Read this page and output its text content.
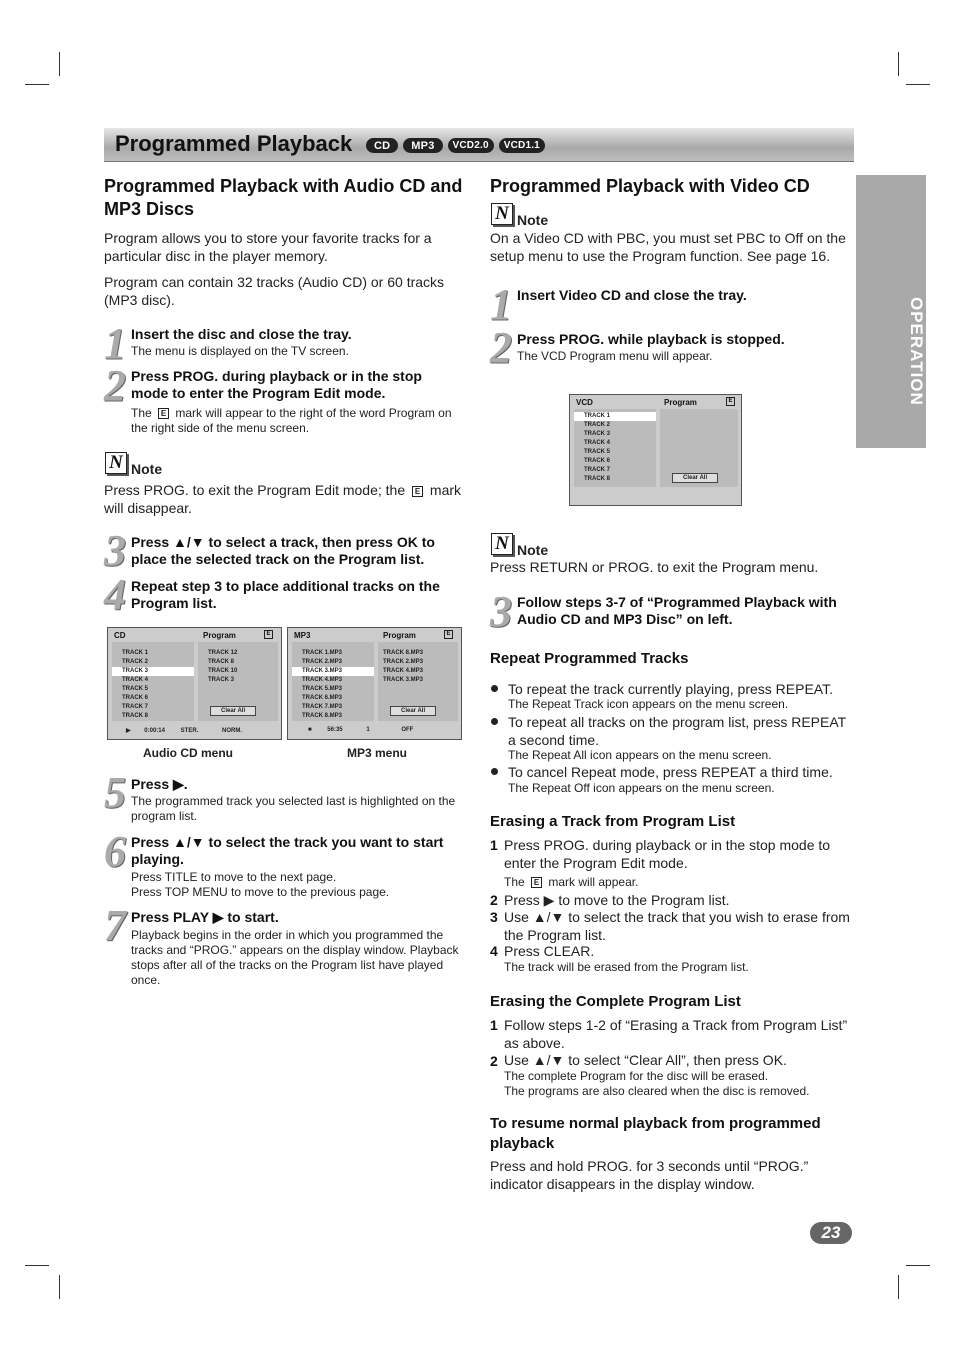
Programmed Playback	CD	MP3	VCD2.0	VCD1.1
OPERATION
Programmed Playback with Audio CD and MP3 Discs
Program allows you to store your favorite tracks for a particular disc in the player memory.
Program can contain 32 tracks (Audio CD) or 60 tracks (MP3 disc).
1 Insert the disc and close the tray.
The menu is displayed on the TV screen.
2 Press PROG. during playback or in the stop mode to enter the Program Edit mode.
The E mark will appear to the right of the word Program on the right side of the menu screen.
N Note
Press PROG. to exit the Program Edit mode; the E mark will disappear.
3 Press ▲/▼ to select a track, then press OK to place the selected track on the Program list.
4 Repeat step 3 to place additional tracks on the Program list.
CD	Program	E
TRACK 1
TRACK 2
TRACK 3
TRACK 4
TRACK 5
TRACK 6
TRACK 7
TRACK 8
TRACK 12
TRACK 8
TRACK 10
TRACK 3
Clear All
▶ 0:00:14	STER.	NORM.
MP3	Program	E
TRACK 1.MP3
TRACK 2.MP3
TRACK 3.MP3
TRACK 4.MP3
TRACK 5.MP3
TRACK 6.MP3
TRACK 7.MP3
TRACK 8.MP3
TRACK 8.MP3
TRACK 2.MP3
TRACK 4.MP3
TRACK 3.MP3
Clear All
■	56:35	1	OFF
Audio CD menu	MP3 menu
5 Press ▶.
The programmed track you selected last is highlighted on the program list.
6 Press ▲/▼ to select the track you want to start playing.
Press TITLE to move to the next page.
Press TOP MENU to move to the previous page.
7 Press PLAY ▶ to start.
Playback begins in the order in which you programmed the tracks and “PROG.” appears on the display window. Playback stops after all of the tracks on the Program list have played once.
Programmed Playback with Video CD
N Note
On a Video CD with PBC, you must set PBC to Off on the setup menu to use the Program function. See page 16.
1 Insert Video CD and close the tray.
2 Press PROG. while playback is stopped.
The VCD Program menu will appear.
VCD	Program	E
TRACK 1
TRACK 2
TRACK 3
TRACK 4
TRACK 5
TRACK 6
TRACK 7
TRACK 8	Clear All
N Note
Press RETURN or PROG. to exit the Program menu.
3 Follow steps 3-7 of “Programmed Playback with Audio CD and MP3 Disc” on left.
Repeat Programmed Tracks
To repeat the track currently playing, press REPEAT.
The Repeat Track icon appears on the menu screen.
To repeat all tracks on the program list, press REPEAT a second time.
The Repeat All icon appears on the menu screen.
To cancel Repeat mode, press REPEAT a third time.
The Repeat Off icon appears on the menu screen.
Erasing a Track from Program List
1 Press PROG. during playback or in the stop mode to enter the Program Edit mode.
The E mark will appear.
2 Press ▶ to move to the Program list.
3 Use ▲/▼ to select the track that you wish to erase from the Program list.
4 Press CLEAR.
The track will be erased from the Program list.
Erasing the Complete Program List
1 Follow steps 1-2 of “Erasing a Track from Program List” as above.
2 Use ▲/▼ to select “Clear All”, then press OK.
The complete Program for the disc will be erased.
The programs are also cleared when the disc is removed.
To resume normal playback from programmed playback
Press and hold PROG. for 3 seconds until “PROG.” indicator disappears in the display window.
23
